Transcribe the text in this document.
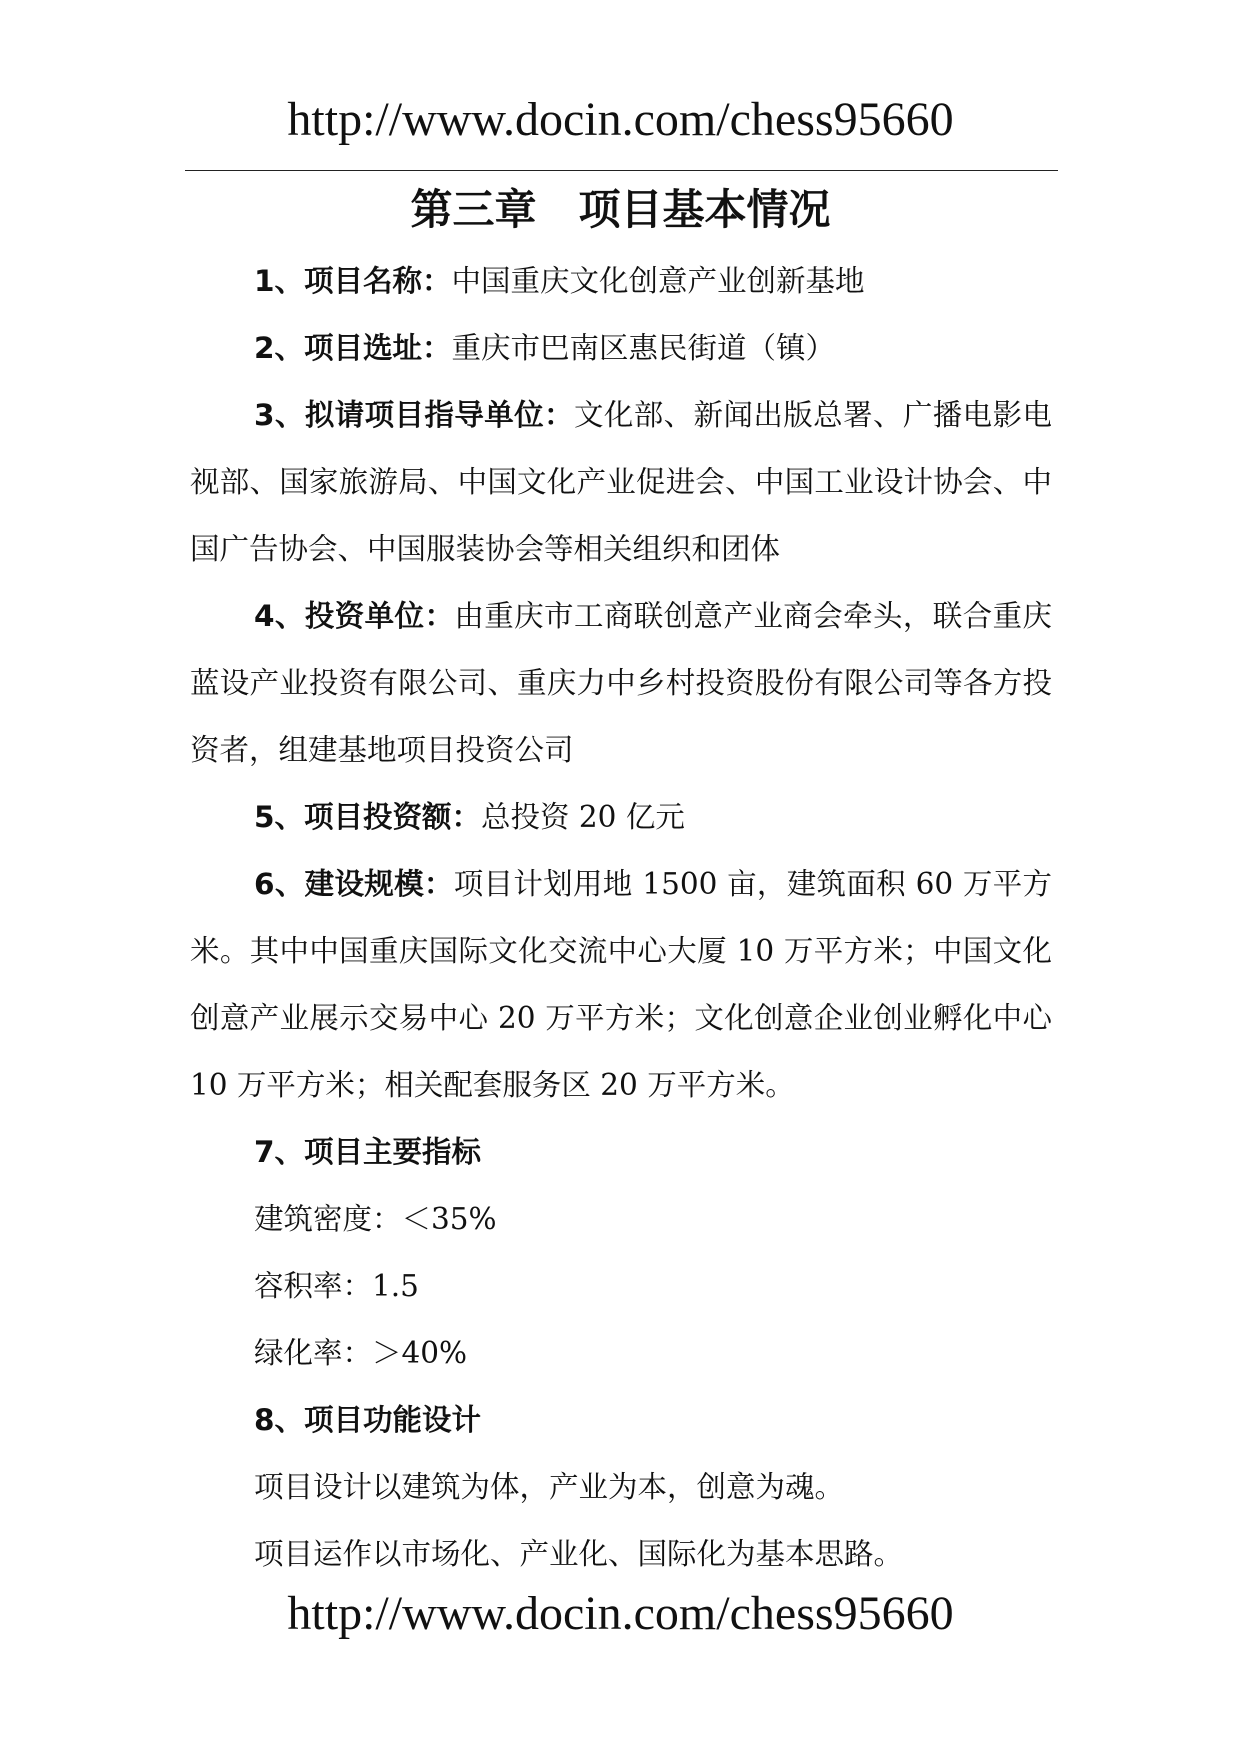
http://www.docin.com/chess95660
第三章　项目基本情况

1、项目名称：中国重庆文化创意产业创新基地

2、项目选址：重庆市巴南区惠民街道（镇）

3、拟请项目指导单位：文化部、新闻出版总署、广播电影电视部、国家旅游局、中国文化产业促进会、中国工业设计协会、中国广告协会、中国服装协会等相关组织和团体

4、投资单位：由重庆市工商联创意产业商会牵头，联合重庆蓝设产业投资有限公司、重庆力中乡村投资股份有限公司等各方投资者，组建基地项目投资公司

5、项目投资额：总投资 20 亿元

6、建设规模：项目计划用地 1500 亩，建筑面积 60 万平方米。其中中国重庆国际文化交流中心大厦 10 万平方米；中国文化创意产业展示交易中心 20 万平方米；文化创意企业创业孵化中心 10 万平方米；相关配套服务区 20 万平方米。

7、项目主要指标

建筑密度：＜35%

容积率：1.5

绿化率：＞40%

8、项目功能设计

项目设计以建筑为体，产业为本，创意为魂。

项目运作以市场化、产业化、国际化为基本思路。

http://www.docin.com/chess95660
